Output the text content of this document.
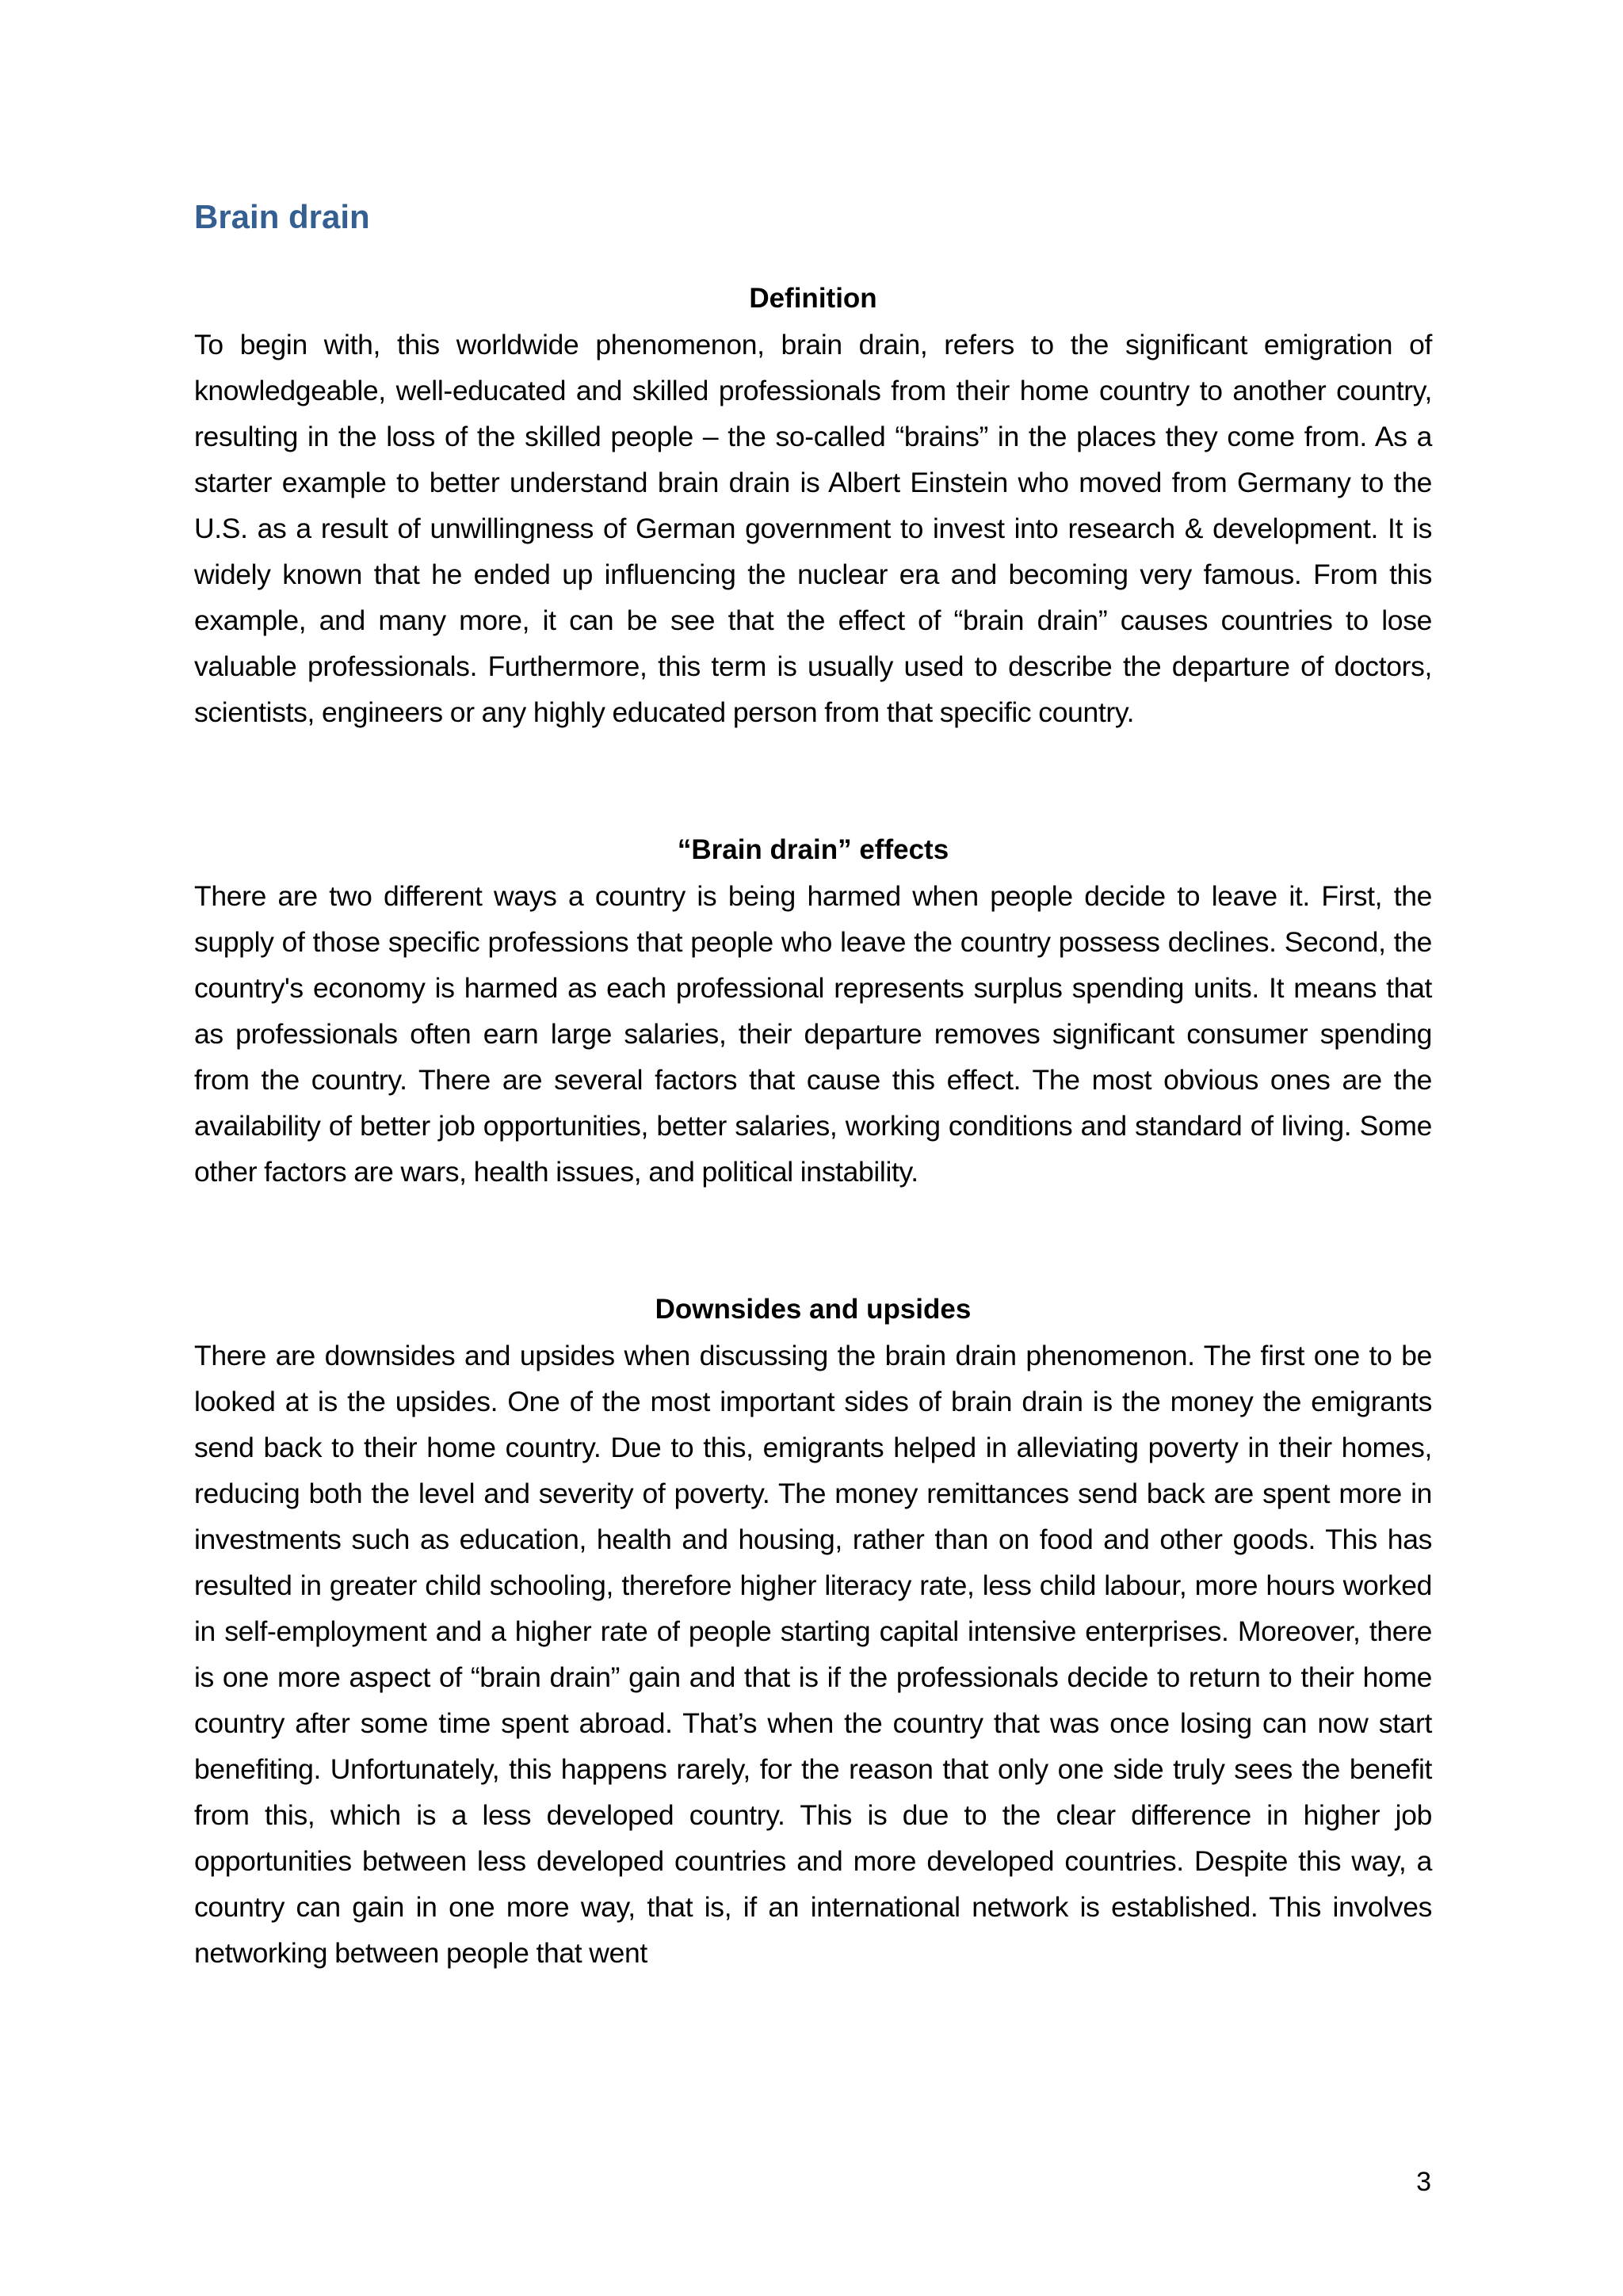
Brain drain
Definition

To begin with, this worldwide phenomenon, brain drain, refers to the significant emigration of knowledgeable, well-educated and skilled professionals from their home country to another country, resulting in the loss of the skilled people – the so-called “brains” in the places they come from. As a starter example to better understand brain drain is Albert Einstein who moved from Germany to the U.S. as a result of unwillingness of German government to invest into research & development. It is widely known that he ended up influencing the nuclear era and becoming very famous. From this example, and many more, it can be see that the effect of “brain drain” causes countries to lose valuable professionals. Furthermore, this term is usually used to describe the departure of doctors, scientists, engineers or any highly educated person from that specific country.

“Brain drain” effects

There are two different ways a country is being harmed when people decide to leave it. First, the supply of those specific professions that people who leave the country possess declines. Second, the country's economy is harmed as each professional represents surplus spending units. It means that as professionals often earn large salaries, their departure removes significant consumer spending from the country. There are several factors that cause this effect. The most obvious ones are the availability of better job opportunities, better salaries, working conditions and standard of living. Some other factors are wars, health issues, and political instability.

Downsides and upsides

There are downsides and upsides when discussing the brain drain phenomenon. The first one to be looked at is the upsides. One of the most important sides of brain drain is the money the emigrants send back to their home country. Due to this, emigrants helped in alleviating poverty in their homes, reducing both the level and severity of poverty. The money remittances send back are spent more in investments such as education, health and housing, rather than on food and other goods. This has resulted in greater child schooling, therefore higher literacy rate, less child labour, more hours worked in self-employment and a higher rate of people starting capital intensive enterprises. Moreover, there is one more aspect of “brain drain” gain and that is if the professionals decide to return to their home country after some time spent abroad. That’s when the country that was once losing can now start benefiting. Unfortunately, this happens rarely, for the reason that only one side truly sees the benefit from this, which is a less developed country. This is due to the clear difference in higher job opportunities between less developed countries and more developed countries. Despite this way, a country can gain in one more way, that is, if an international network is established. This involves networking between people that went

3
